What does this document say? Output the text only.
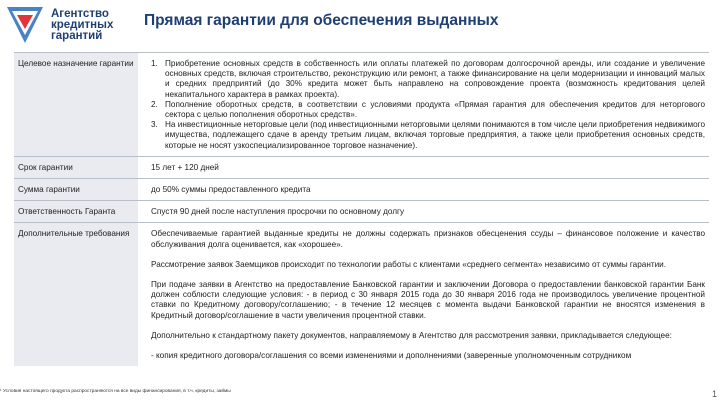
Агентство
кредитных
гарантий
Прямая гарантии для обеспечения выданных
Целевое назначение гарантии	1. Приобретение основных средств в собственность или оплаты платежей по договорам долгосрочной аренды, или создание и увеличение основных средств, включая строительство, реконструкцию или ремонт, а также финансирование на цели модернизации и инноваций малых и средних предприятий (до 30% кредита может быть направлено на сопровождение проекта (возможность кредитования целей некапитального характера в рамках проекта).
2. Пополнение оборотных средств, в соответствии с условиями продукта «Прямая гарантия для обеспечения кредитов для неторгового сектора с целью пополнения оборотных средств».
3. На инвестиционные неторговые цели (под инвестиционными неторговыми целями понимаются в том числе цели приобретения недвижимого имущества, подлежащего сдаче в аренду третьим лицам, включая торговые предприятия, а также цели приобретения основных средств, которые не носят узкоспециализированное торговое назначение).
Срок гарантии	15 лет + 120 дней
Сумма гарантии	до 50% суммы предоставленного кредита
Ответственность Гаранта	Спустя 90 дней после наступления просрочки по основному долгу
Дополнительные требования	Обеспечиваемые гарантией выданные кредиты не должны содержать признаков обесценения ссуды – финансовое положение и качество обслуживания долга оценивается, как «хорошее».

Рассмотрение заявок Заемщиков происходит по технологии работы с клиентами «среднего сегмента» независимо от суммы гарантии.

При подаче заявки в Агентство на предоставление Банковской гарантии и заключении Договора о предоставлении банковской гарантии Банк должен соблюсти следующие условия: - в период с 30 января 2015 года до 30 января 2016 года не производилось увеличение процентной ставки по Кредитному договору/соглашению; - в течение 12 месяцев с момента выдачи Банковской гарантии не вносятся изменения в Кредитный договор/соглашение в части увеличения процентной ставки.

Дополнительно к стандартному пакету документов, направляемому в Агентство для рассмотрения заявки, прикладывается следующее:

- копия кредитного договора/соглашения со всеми изменениями и дополнениями (заверенные уполномоченным сотрудником

¹ Условия настоящего продукта распространяются на все виды финансирования, в т.ч. кредиты, займы	1
